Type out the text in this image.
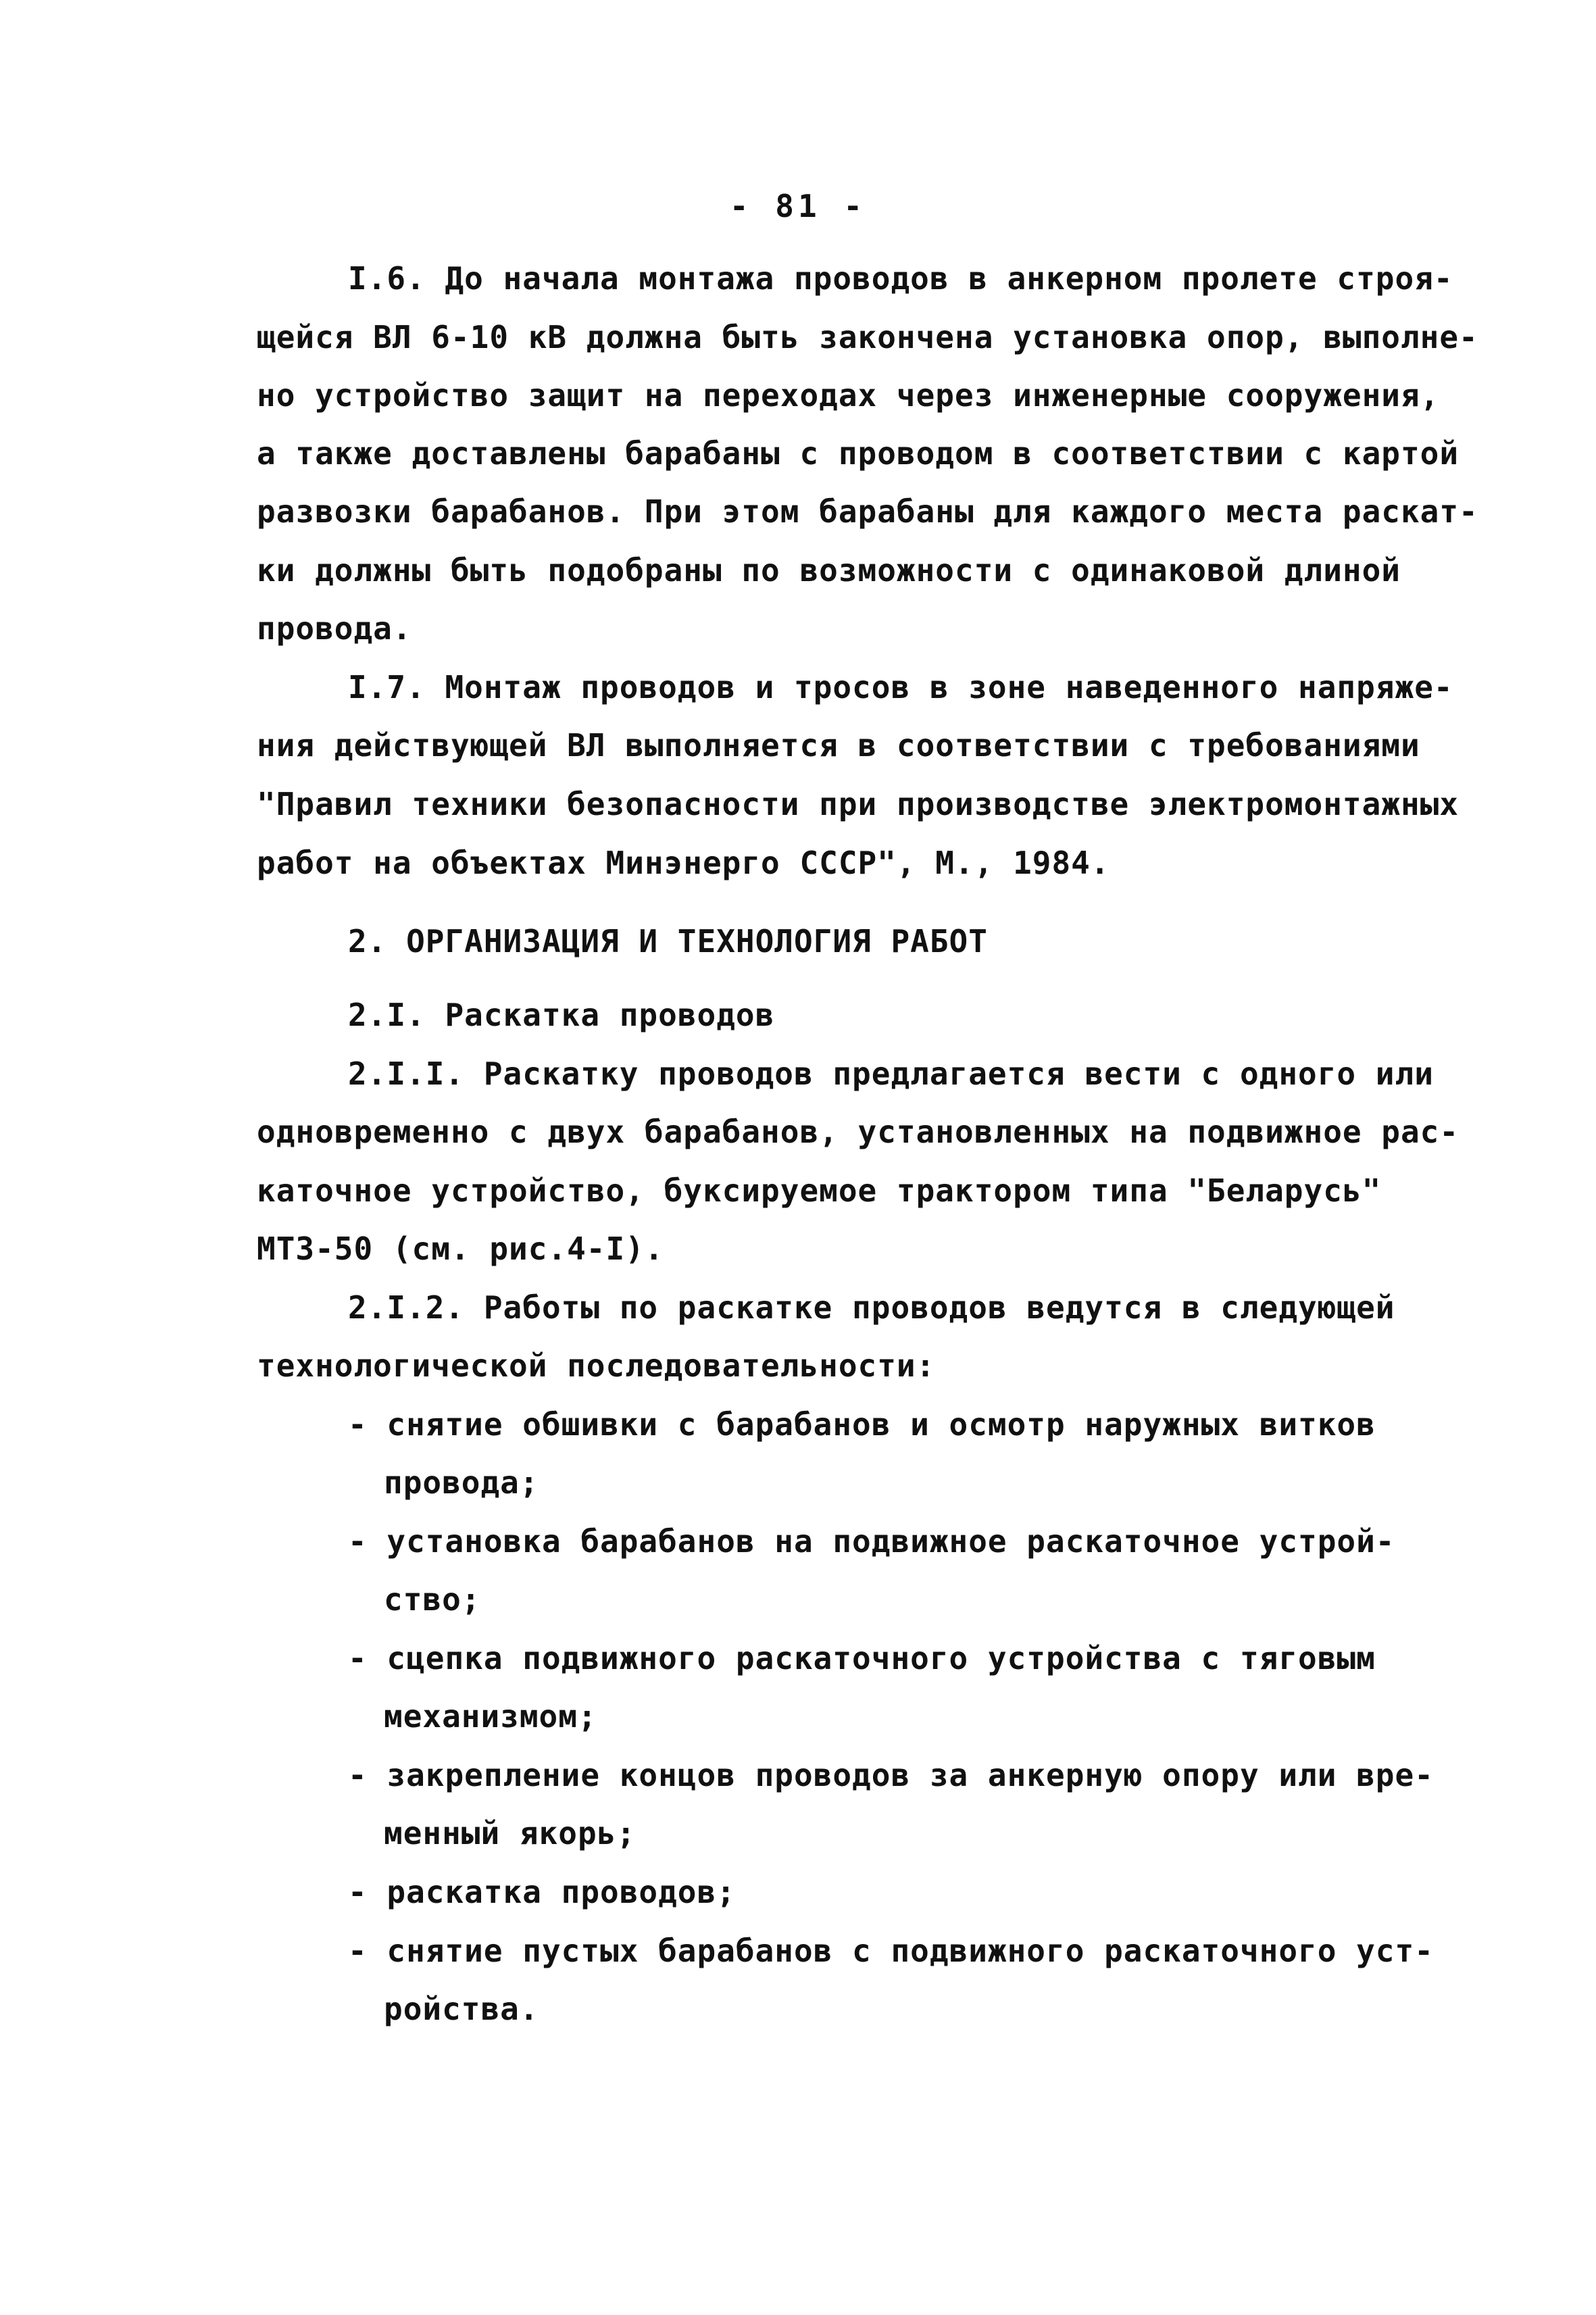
- 81 -
I.6. До начала монтажа проводов в анкерном пролете строя-
щейся ВЛ 6-10 кВ должна быть закончена установка опор, выполне-
но устройство защит на переходах через инженерные сооружения,
а также доставлены барабаны с проводом в соответствии с картой
развозки барабанов. При этом барабаны для каждого места раскат-
ки должны быть подобраны по возможности с одинаковой длиной
провода.
I.7. Монтаж проводов и тросов в зоне наведенного напряже-
ния действующей ВЛ выполняется в соответствии с требованиями
"Правил техники безопасности при производстве электромонтажных
работ на объектах Минэнерго СССР", М., 1984.
2. ОРГАНИЗАЦИЯ И ТЕХНОЛОГИЯ РАБОТ
2.I. Раскатка проводов
2.I.I. Раскатку проводов предлагается вести с одного или
одновременно с двух барабанов, установленных на подвижное рас-
каточное устройство, буксируемое трактором типа "Беларусь"
МТЗ-50 (см. рис.4-I).
2.I.2. Работы по раскатке проводов ведутся в следующей
технологической последовательности:
- снятие обшивки с барабанов и осмотр наружных витков
провода;
- установка барабанов на подвижное раскаточное устрой-
ство;
- сцепка подвижного раскаточного устройства с тяговым
механизмом;
- закрепление концов проводов за анкерную опору или вре-
менный якорь;
- раскатка проводов;
- снятие пустых барабанов с подвижного раскаточного уст-
ройства.
